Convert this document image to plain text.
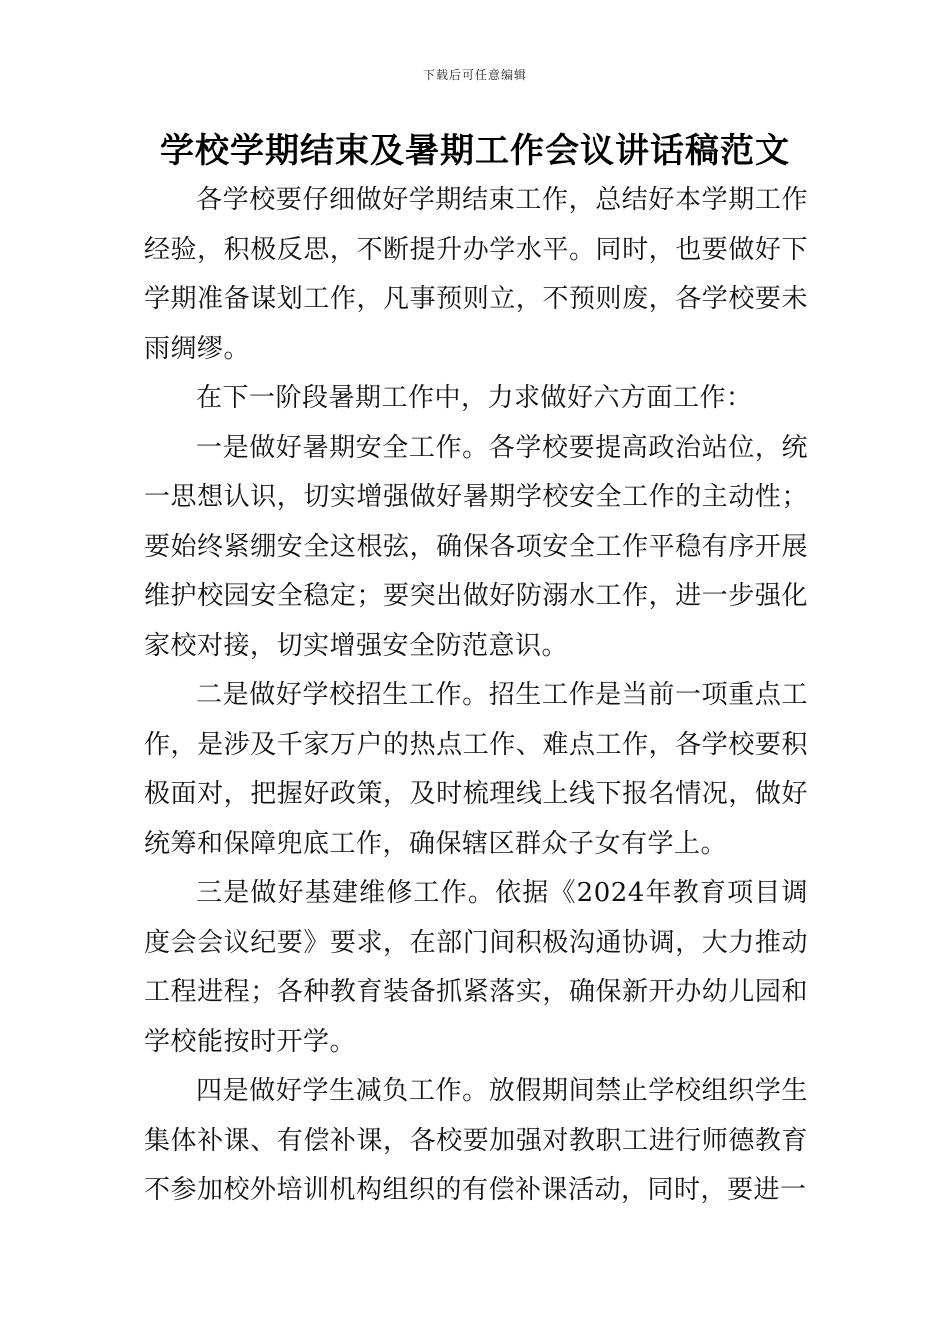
下载后可任意编辑
学校学期结束及暑期工作会议讲话稿范文

各学校要仔细做好学期结束工作，总结好本学期工作经验，积极反思，不断提升办学水平。同时，也要做好下学期准备谋划工作，凡事预则立，不预则废，各学校要未雨绸缪。

在下一阶段暑期工作中，力求做好六方面工作：

一是做好暑期安全工作。各学校要提高政治站位，统一思想认识，切实增强做好暑期学校安全工作的主动性；要始终紧绷安全这根弦，确保各项安全工作平稳有序开展维护校园安全稳定；要突出做好防溺水工作，进一步强化家校对接，切实增强安全防范意识。

二是做好学校招生工作。招生工作是当前一项重点工作，是涉及千家万户的热点工作、难点工作，各学校要积极面对，把握好政策，及时梳理线上线下报名情况，做好统筹和保障兜底工作，确保辖区群众子女有学上。

三是做好基建维修工作。依据《2024年教育项目调度会会议纪要》要求，在部门间积极沟通协调，大力推动工程进程；各种教育装备抓紧落实，确保新开办幼儿园和学校能按时开学。

四是做好学生减负工作。放假期间禁止学校组织学生集体补课、有偿补课，各校要加强对教职工进行师德教育不参加校外培训机构组织的有偿补课活动，同时，要进一
